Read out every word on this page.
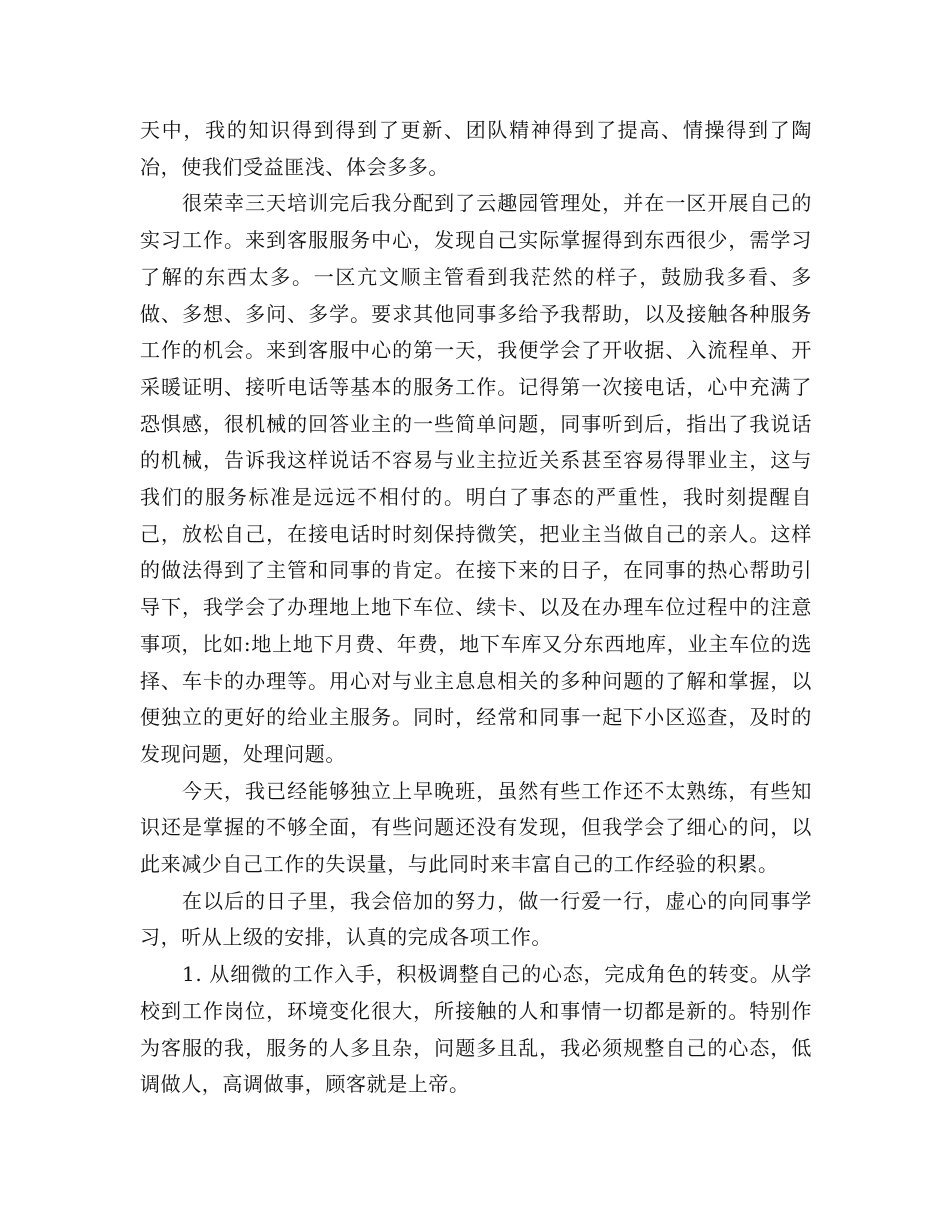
天中，我的知识得到得到了更新、团队精神得到了提高、情操得到了陶冶，使我们受益匪浅、体会多多。

很荣幸三天培训完后我分配到了云趣园管理处，并在一区开展自己的实习工作。来到客服服务中心，发现自己实际掌握得到东西很少，需学习了解的东西太多。一区亢文顺主管看到我茫然的样子，鼓励我多看、多做、多想、多问、多学。要求其他同事多给予我帮助，以及接触各种服务工作的机会。来到客服中心的第一天，我便学会了开收据、入流程单、开采暖证明、接听电话等基本的服务工作。记得第一次接电话，心中充满了恐惧感，很机械的回答业主的一些简单问题，同事听到后，指出了我说话的机械，告诉我这样说话不容易与业主拉近关系甚至容易得罪业主，这与我们的服务标准是远远不相付的。明白了事态的严重性，我时刻提醒自己，放松自己，在接电话时时刻保持微笑，把业主当做自己的亲人。这样的做法得到了主管和同事的肯定。在接下来的日子，在同事的热心帮助引导下，我学会了办理地上地下车位、续卡、以及在办理车位过程中的注意事项，比如:地上地下月费、年费，地下车库又分东西地库，业主车位的选择、车卡的办理等。用心对与业主息息相关的多种问题的了解和掌握，以便独立的更好的给业主服务。同时，经常和同事一起下小区巡查，及时的发现问题，处理问题。

今天，我已经能够独立上早晚班，虽然有些工作还不太熟练，有些知识还是掌握的不够全面，有些问题还没有发现，但我学会了细心的问，以此来减少自己工作的失误量，与此同时来丰富自己的工作经验的积累。

在以后的日子里，我会倍加的努力，做一行爱一行，虚心的向同事学习，听从上级的安排，认真的完成各项工作。

1. 从细微的工作入手，积极调整自己的心态，完成角色的转变。从学校到工作岗位，环境变化很大，所接触的人和事情一切都是新的。特别作为客服的我，服务的人多且杂，问题多且乱，我必须规整自己的心态，低调做人，高调做事，顾客就是上帝。
